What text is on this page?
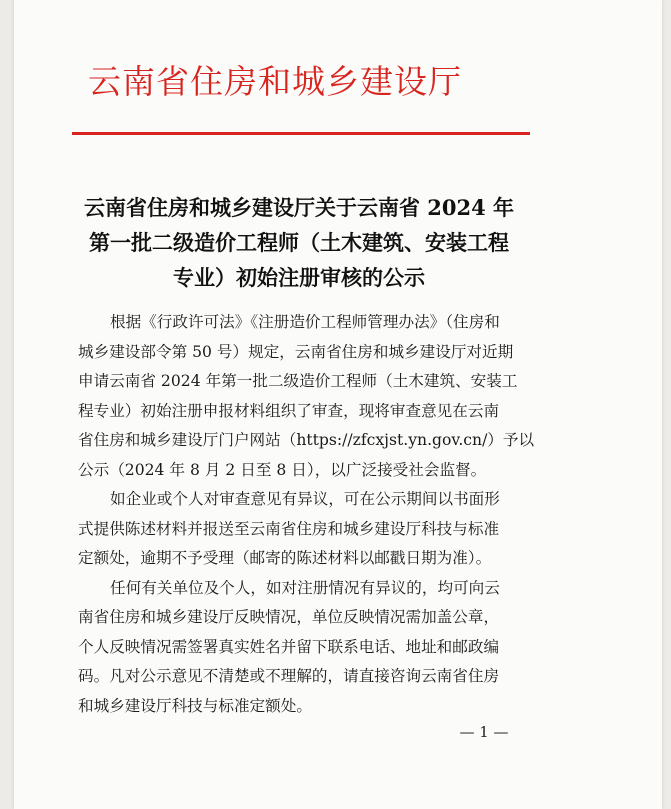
云南省住房和城乡建设厅
云南省住房和城乡建设厅关于云南省 2024 年
第一批二级造价工程师（土木建筑、安装工程
专业）初始注册审核的公示

根据《行政许可法》《注册造价工程师管理办法》（住房和
城乡建设部令第 50 号）规定，云南省住房和城乡建设厅对近期
申请云南省 2024 年第一批二级造价工程师（土木建筑、安装工
程专业）初始注册申报材料组织了审查，现将审查意见在云南
省住房和城乡建设厅门户网站（https://zfcxjst.yn.gov.cn/）予以
公示（2024 年 8 月 2 日至 8 日），以广泛接受社会监督。

如企业或个人对审查意见有异议，可在公示期间以书面形
式提供陈述材料并报送至云南省住房和城乡建设厅科技与标准
定额处，逾期不予受理（邮寄的陈述材料以邮戳日期为准）。

任何有关单位及个人，如对注册情况有异议的，均可向云
南省住房和城乡建设厅反映情况，单位反映情况需加盖公章，
个人反映情况需签署真实姓名并留下联系电话、地址和邮政编
码。凡对公示意见不清楚或不理解的，请直接咨询云南省住房
和城乡建设厅科技与标准定额处。

— 1 —
